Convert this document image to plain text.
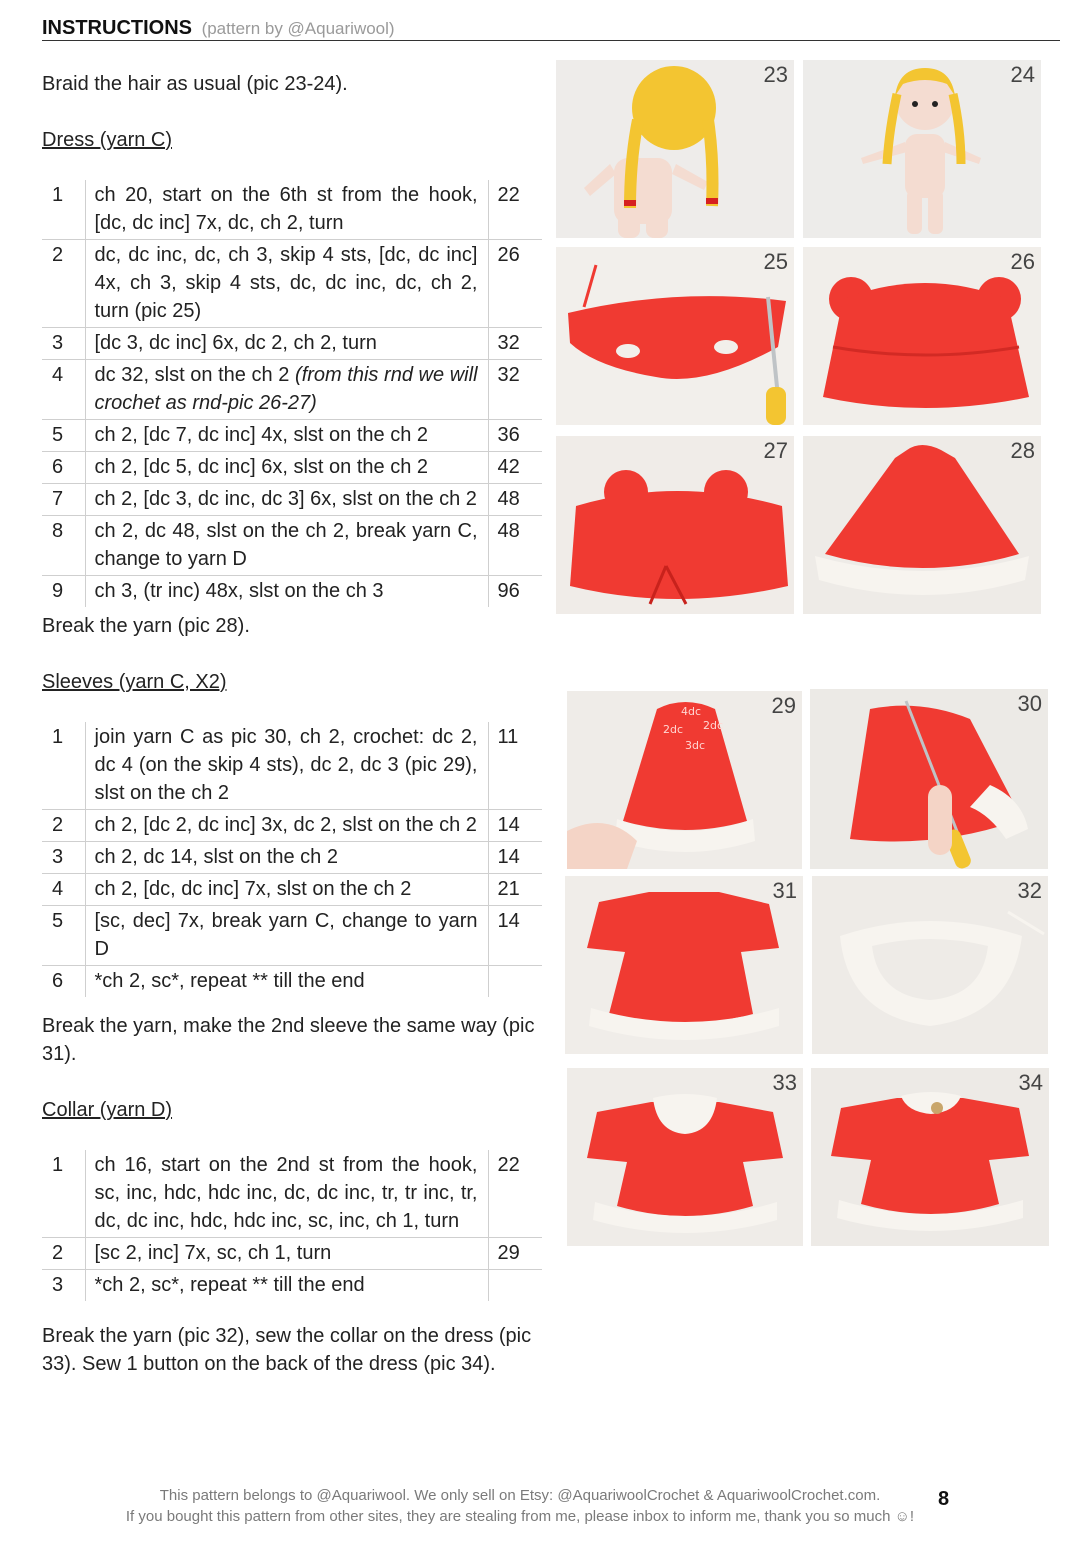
INSTRUCTIONS (pattern by @Aquariwool)
Braid the hair as usual (pic 23-24).
Dress (yarn C)
1	ch 20, start on the 6th st from the hook, [dc, dc inc] 7x, dc, ch 2, turn	22
2	dc, dc inc, dc, ch 3, skip 4 sts, [dc, dc inc] 4x, ch 3, skip 4 sts, dc, dc inc, dc, ch 2, turn (pic 25)	26
3	[dc 3, dc inc] 6x, dc 2, ch 2, turn	32
4	dc 32, slst on the ch 2 (from this rnd we will crochet as rnd-pic 26-27)	32
5	ch 2, [dc 7, dc inc] 4x, slst on the ch 2	36
6	ch 2, [dc 5, dc inc] 6x, slst on the ch 2	42
7	ch 2, [dc 3, dc inc, dc 3] 6x, slst on the ch 2	48
8	ch 2, dc 48, slst on the ch 2, break yarn C, change to yarn D	48
9	ch 3, (tr inc) 48x, slst on the ch 3	96
Break the yarn (pic 28).
Sleeves (yarn C, X2)
1	join yarn C as pic 30, ch 2, crochet: dc 2, dc 4 (on the skip 4 sts), dc 2, dc 3 (pic 29), slst on the ch 2	11
2	ch 2, [dc 2, dc inc] 3x, dc 2, slst on the ch 2	14
3	ch 2, dc 14, slst on the ch 2	14
4	ch 2, [dc, dc inc] 7x, slst on the ch 2	21
5	[sc, dec] 7x, break yarn C, change to yarn D	14
6	*ch 2, sc*, repeat ** till the end	
Break the yarn, make the 2nd sleeve the same way (pic 31).
Collar (yarn D)
1	ch 16, start on the 2nd st from the hook, sc, inc, hdc, hdc inc, dc, dc inc, tr, tr inc, tr, dc, dc inc, hdc, hdc inc, sc, inc, ch 1, turn	22
2	[sc 2, inc] 7x, sc, ch 1, turn	29
3	*ch 2, sc*, repeat ** till the end	
Break the yarn (pic 32), sew the collar on the dress (pic 33). Sew 1 button on the back of the dress (pic 34).
23	24
25	26
27	28
4dc
2dc 2dc
3dc
29	30
31	32
33	34
This pattern belongs to @Aquariwool. We only sell on Etsy: @AquariwoolCrochet & AquariwoolCrochet.com.
If you bought this pattern from other sites, they are stealing from me, please inbox to inform me, thank you so much ☺!
8
